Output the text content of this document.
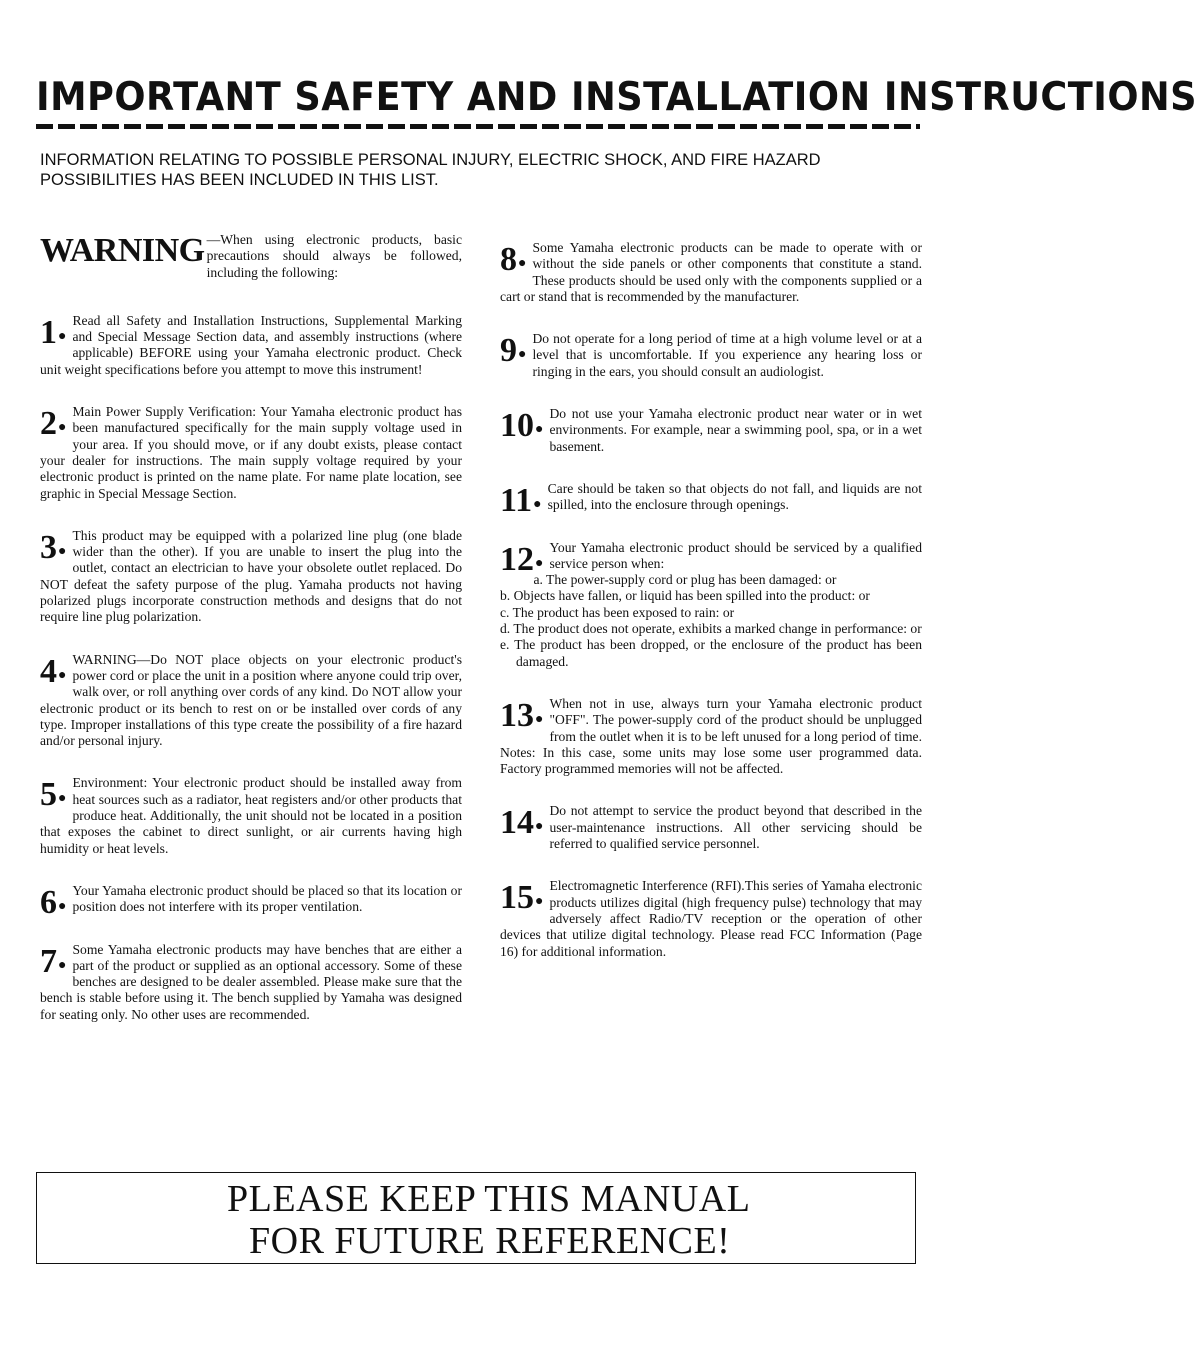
IMPORTANT SAFETY AND INSTALLATION INSTRUCTIONS
INFORMATION RELATING TO POSSIBLE PERSONAL INJURY, ELECTRIC SHOCK, AND FIRE HAZARD POSSIBILITIES HAS BEEN INCLUDED IN THIS LIST.
WARNING —When using electronic products, basic precautions should always be followed, including the following:
1●

Read all Safety and Installation Instructions, Supplemental Marking and Special Message Section data, and assembly instructions (where applicable) BEFORE using your Yamaha electronic product. Check unit weight specifications before you attempt to move this instrument!

2●

Main Power Supply Verification: Your Yamaha electronic product has been manufactured specifically for the main supply voltage used in your area. If you should move, or if any doubt exists, please contact your dealer for instructions. The main supply voltage required by your electronic product is printed on the name plate. For name plate location, see graphic in Special Message Section.

3●

This product may be equipped with a polarized line plug (one blade wider than the other). If you are unable to insert the plug into the outlet, contact an electrician to have your obsolete outlet replaced. Do NOT defeat the safety purpose of the plug. Yamaha products not having polarized plugs incorporate construction methods and designs that do not require line plug polarization.

4●

WARNING—Do NOT place objects on your electronic product's power cord or place the unit in a position where anyone could trip over, walk over, or roll anything over cords of any kind. Do NOT allow your electronic product or its bench to rest on or be installed over cords of any type. Improper installations of this type create the possibility of a fire hazard and/or personal injury.

5●

Environment: Your electronic product should be installed away from heat sources such as a radiator, heat registers and/or other products that produce heat. Additionally, the unit should not be located in a position that exposes the cabinet to direct sunlight, or air currents having high humidity or heat levels.

6●

Your Yamaha electronic product should be placed so that its location or position does not interfere with its proper ventilation.

7●

Some Yamaha electronic products may have benches that are either a part of the product or supplied as an optional accessory. Some of these benches are designed to be dealer assembled. Please make sure that the bench is stable before using it. The bench supplied by Yamaha was designed for seating only. No other uses are recommended.

8●

Some Yamaha electronic products can be made to operate with or without the side panels or other components that constitute a stand. These products should be used only with the components supplied or a cart or stand that is recommended by the manufacturer.

9●

Do not operate for a long period of time at a high volume level or at a level that is uncomfortable. If you experience any hearing loss or ringing in the ears, you should consult an audiologist.

10●

Do not use your Yamaha electronic product near water or in wet environments. For example, near a swimming pool, spa, or in a wet basement.

11●

Care should be taken so that objects do not fall, and liquids are not spilled, into the enclosure through openings.

12●

Your Yamaha electronic product should be serviced by a qualified service person when:

a. The power-supply cord or plug has been damaged: or
b. Objects have fallen, or liquid has been spilled into the product: or
c. The product has been exposed to rain: or
d. The product does not operate, exhibits a marked change in performance: or
e. The product has been dropped, or the enclosure of the product has been damaged.
13●

When not in use, always turn your Yamaha electronic product "OFF". The power-supply cord of the product should be unplugged from the outlet when it is to be left unused for a long period of time. Notes: In this case, some units may lose some user programmed data. Factory programmed memories will not be affected.

14●

Do not attempt to service the product beyond that described in the user-maintenance instructions. All other servicing should be referred to qualified service personnel.

15●

Electromagnetic Interference (RFI).This series of Yamaha electronic products utilizes digital (high frequency pulse) technology that may adversely affect Radio/TV reception or the operation of other devices that utilize digital technology. Please read FCC Information (Page 16) for additional information.

PLEASE KEEP THIS MANUAL
FOR FUTURE REFERENCE!
